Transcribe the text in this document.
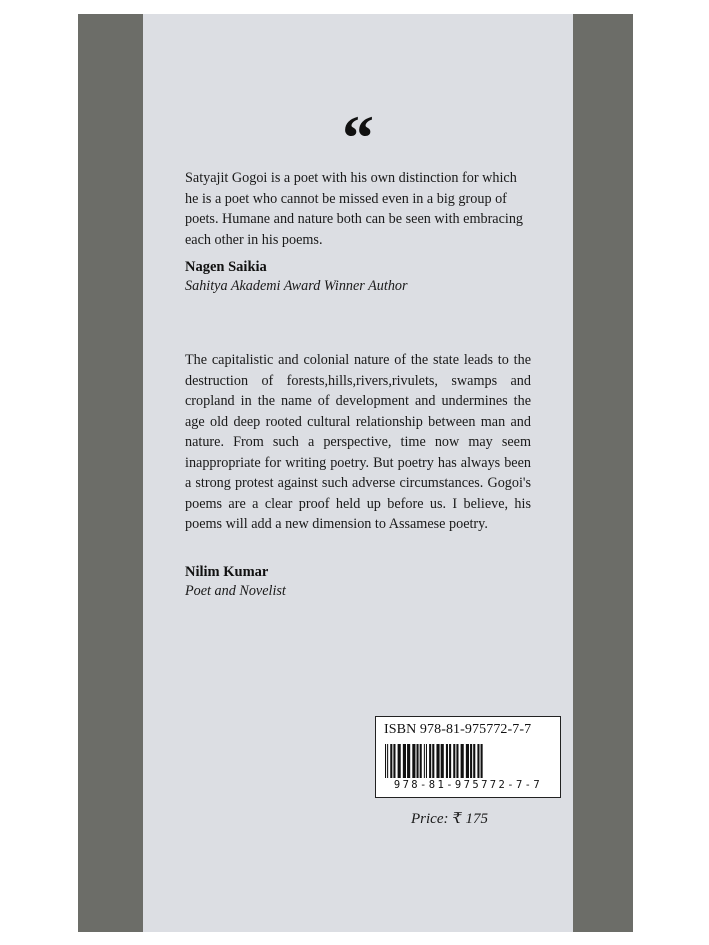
“

Satyajit Gogoi is a poet with his own distinction for which he is a poet who cannot be missed even in a big group of poets. Humane and nature both can be seen with embracing each other in his poems.

Nagen Saikia
Sahitya Akademi Award Winner Author

The capitalistic and colonial nature of the state leads to the destruction of forests,hills,rivers,rivulets, swamps and cropland in the name of development and undermines the age old deep rooted cultural relationship between man and nature. From such a perspective, time now may seem inappropriate for writing poetry. But poetry has always been a strong protest against such adverse circumstances. Gogoi's poems are a clear proof held up before us. I believe, his poems will add a new dimension to Assamese poetry.

Nilim Kumar
Poet and Novelist
ISBN 978-81-975772-7-7
978-81-975772-7-7
Price: ₹ 175
